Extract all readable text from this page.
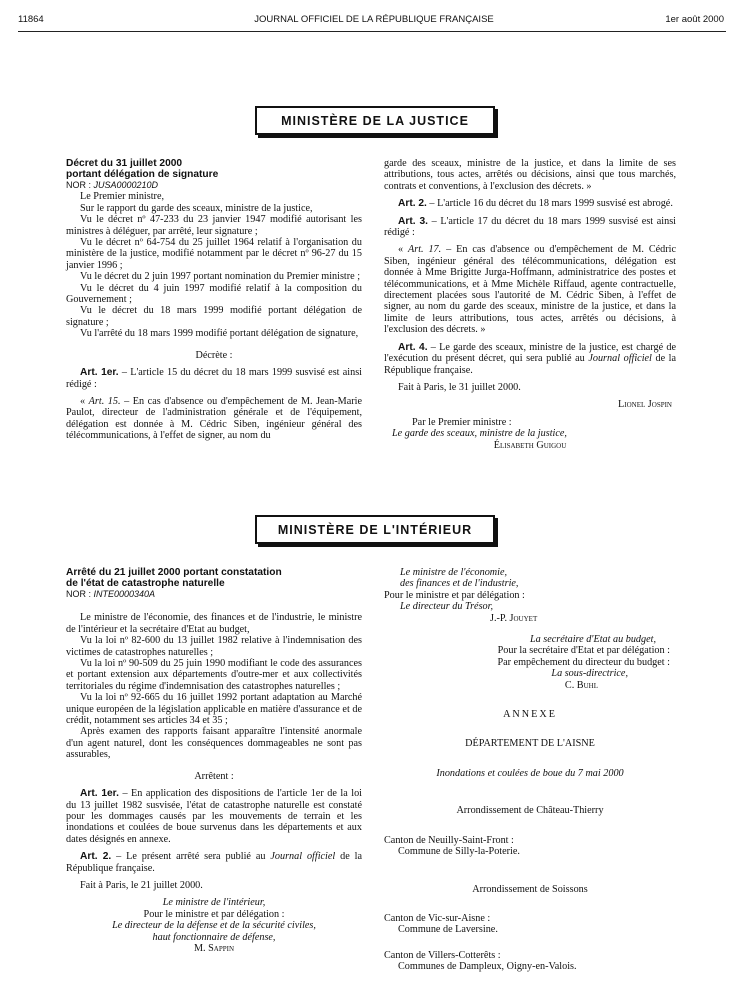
11864	JOURNAL OFFICIEL DE LA RÉPUBLIQUE FRANÇAISE	1er août 2000
MINISTÈRE DE LA JUSTICE

Décret du 31 juillet 2000

portant délégation de signature

NOR : JUSA0000210D

Le Premier ministre,

Sur le rapport du garde des sceaux, ministre de la justice,

Vu le décret nº 47-233 du 23 janvier 1947 modifié autorisant les ministres à déléguer, par arrêté, leur signature ;

Vu le décret nº 64-754 du 25 juillet 1964 relatif à l'organisation du ministère de la justice, modifié notamment par le décret nº 96-27 du 15 janvier 1996 ;

Vu le décret du 2 juin 1997 portant nomination du Premier ministre ;

Vu le décret du 4 juin 1997 modifié relatif à la composition du Gouvernement ;

Vu le décret du 18 mars 1999 modifié portant délégation de signature ;

Vu l'arrêté du 18 mars 1999 modifié portant délégation de signature,

Décrète :

Art. 1er. – L'article 15 du décret du 18 mars 1999 susvisé est ainsi rédigé :

« Art. 15. – En cas d'absence ou d'empêchement de M. Jean-Marie Paulot, directeur de l'administration générale et de l'équipement, délégation est donnée à M. Cédric Siben, ingénieur général des télécommunications, à l'effet de signer, au nom du

garde des sceaux, ministre de la justice, et dans la limite de ses attributions, tous actes, arrêtés ou décisions, ainsi que tous marchés, contrats et conventions, à l'exclusion des décrets. »

Art. 2. – L'article 16 du décret du 18 mars 1999 susvisé est abrogé.

Art. 3. – L'article 17 du décret du 18 mars 1999 susvisé est ainsi rédigé :

« Art. 17. – En cas d'absence ou d'empêchement de M. Cédric Siben, ingénieur général des télécommunications, délégation est donnée à Mme Brigitte Jurga-Hoffmann, administratrice des postes et télécommunications, et à Mme Michèle Riffaud, agente contractuelle, directement placées sous l'autorité de M. Cédric Siben, à l'effet de signer, au nom du garde des sceaux, ministre de la justice, et dans la limite de leurs attributions, tous actes, arrêtés ou décisions, à l'exclusion des décrets. »

Art. 4. – Le garde des sceaux, ministre de la justice, est chargé de l'exécution du présent décret, qui sera publié au Journal officiel de la République française.

Fait à Paris, le 31 juillet 2000.

Lionel Jospin

Par le Premier ministre :

Le garde des sceaux, ministre de la justice,

Élisabeth Guigou

MINISTÈRE DE L'INTÉRIEUR

Arrêté du 21 juillet 2000 portant constatation

de l'état de catastrophe naturelle

NOR : INTE0000340A

Le ministre de l'économie, des finances et de l'industrie, le ministre de l'intérieur et la secrétaire d'Etat au budget,

Vu la loi nº 82-600 du 13 juillet 1982 relative à l'indemnisation des victimes de catastrophes naturelles ;

Vu la loi nº 90-509 du 25 juin 1990 modifiant le code des assurances et portant extension aux départements d'outre-mer et aux collectivités territoriales du régime d'indemnisation des catastrophes naturelles ;

Vu la loi nº 92-665 du 16 juillet 1992 portant adaptation au Marché unique européen de la législation applicable en matière d'assurance et de crédit, notamment ses articles 34 et 35 ;

Après examen des rapports faisant apparaître l'intensité anormale d'un agent naturel, dont les conséquences dommageables ne sont pas assurables,

Arrêtent :

Art. 1er. – En application des dispositions de l'article 1er de la loi du 13 juillet 1982 susvisée, l'état de catastrophe naturelle est constaté pour les dommages causés par les mouvements de terrain et les inondations et coulées de boue survenus dans les départements et aux dates désignés en annexe.

Art. 2. – Le présent arrêté sera publié au Journal officiel de la République française.

Fait à Paris, le 21 juillet 2000.

Le ministre de l'intérieur,

Pour le ministre et par délégation :

Le directeur de la défense et de la sécurité civiles,

haut fonctionnaire de défense,

M. Sappin

Le ministre de l'économie,

des finances et de l'industrie,

Pour le ministre et par délégation :

Le directeur du Trésor,

J.-P. Jouyet

La secrétaire d'Etat au budget,

Pour la secrétaire d'Etat et par délégation :

Par empêchement du directeur du budget :

La sous-directrice,

C. Buhl

ANNEXE

DÉPARTEMENT DE L'AISNE

Inondations et coulées de boue du 7 mai 2000

Arrondissement de Château-Thierry

Canton de Neuilly-Saint-Front :

Commune de Silly-la-Poterie.

Arrondissement de Soissons

Canton de Vic-sur-Aisne :

Commune de Laversine.

Canton de Villers-Cotterêts :

Communes de Dampleux, Oigny-en-Valois.
